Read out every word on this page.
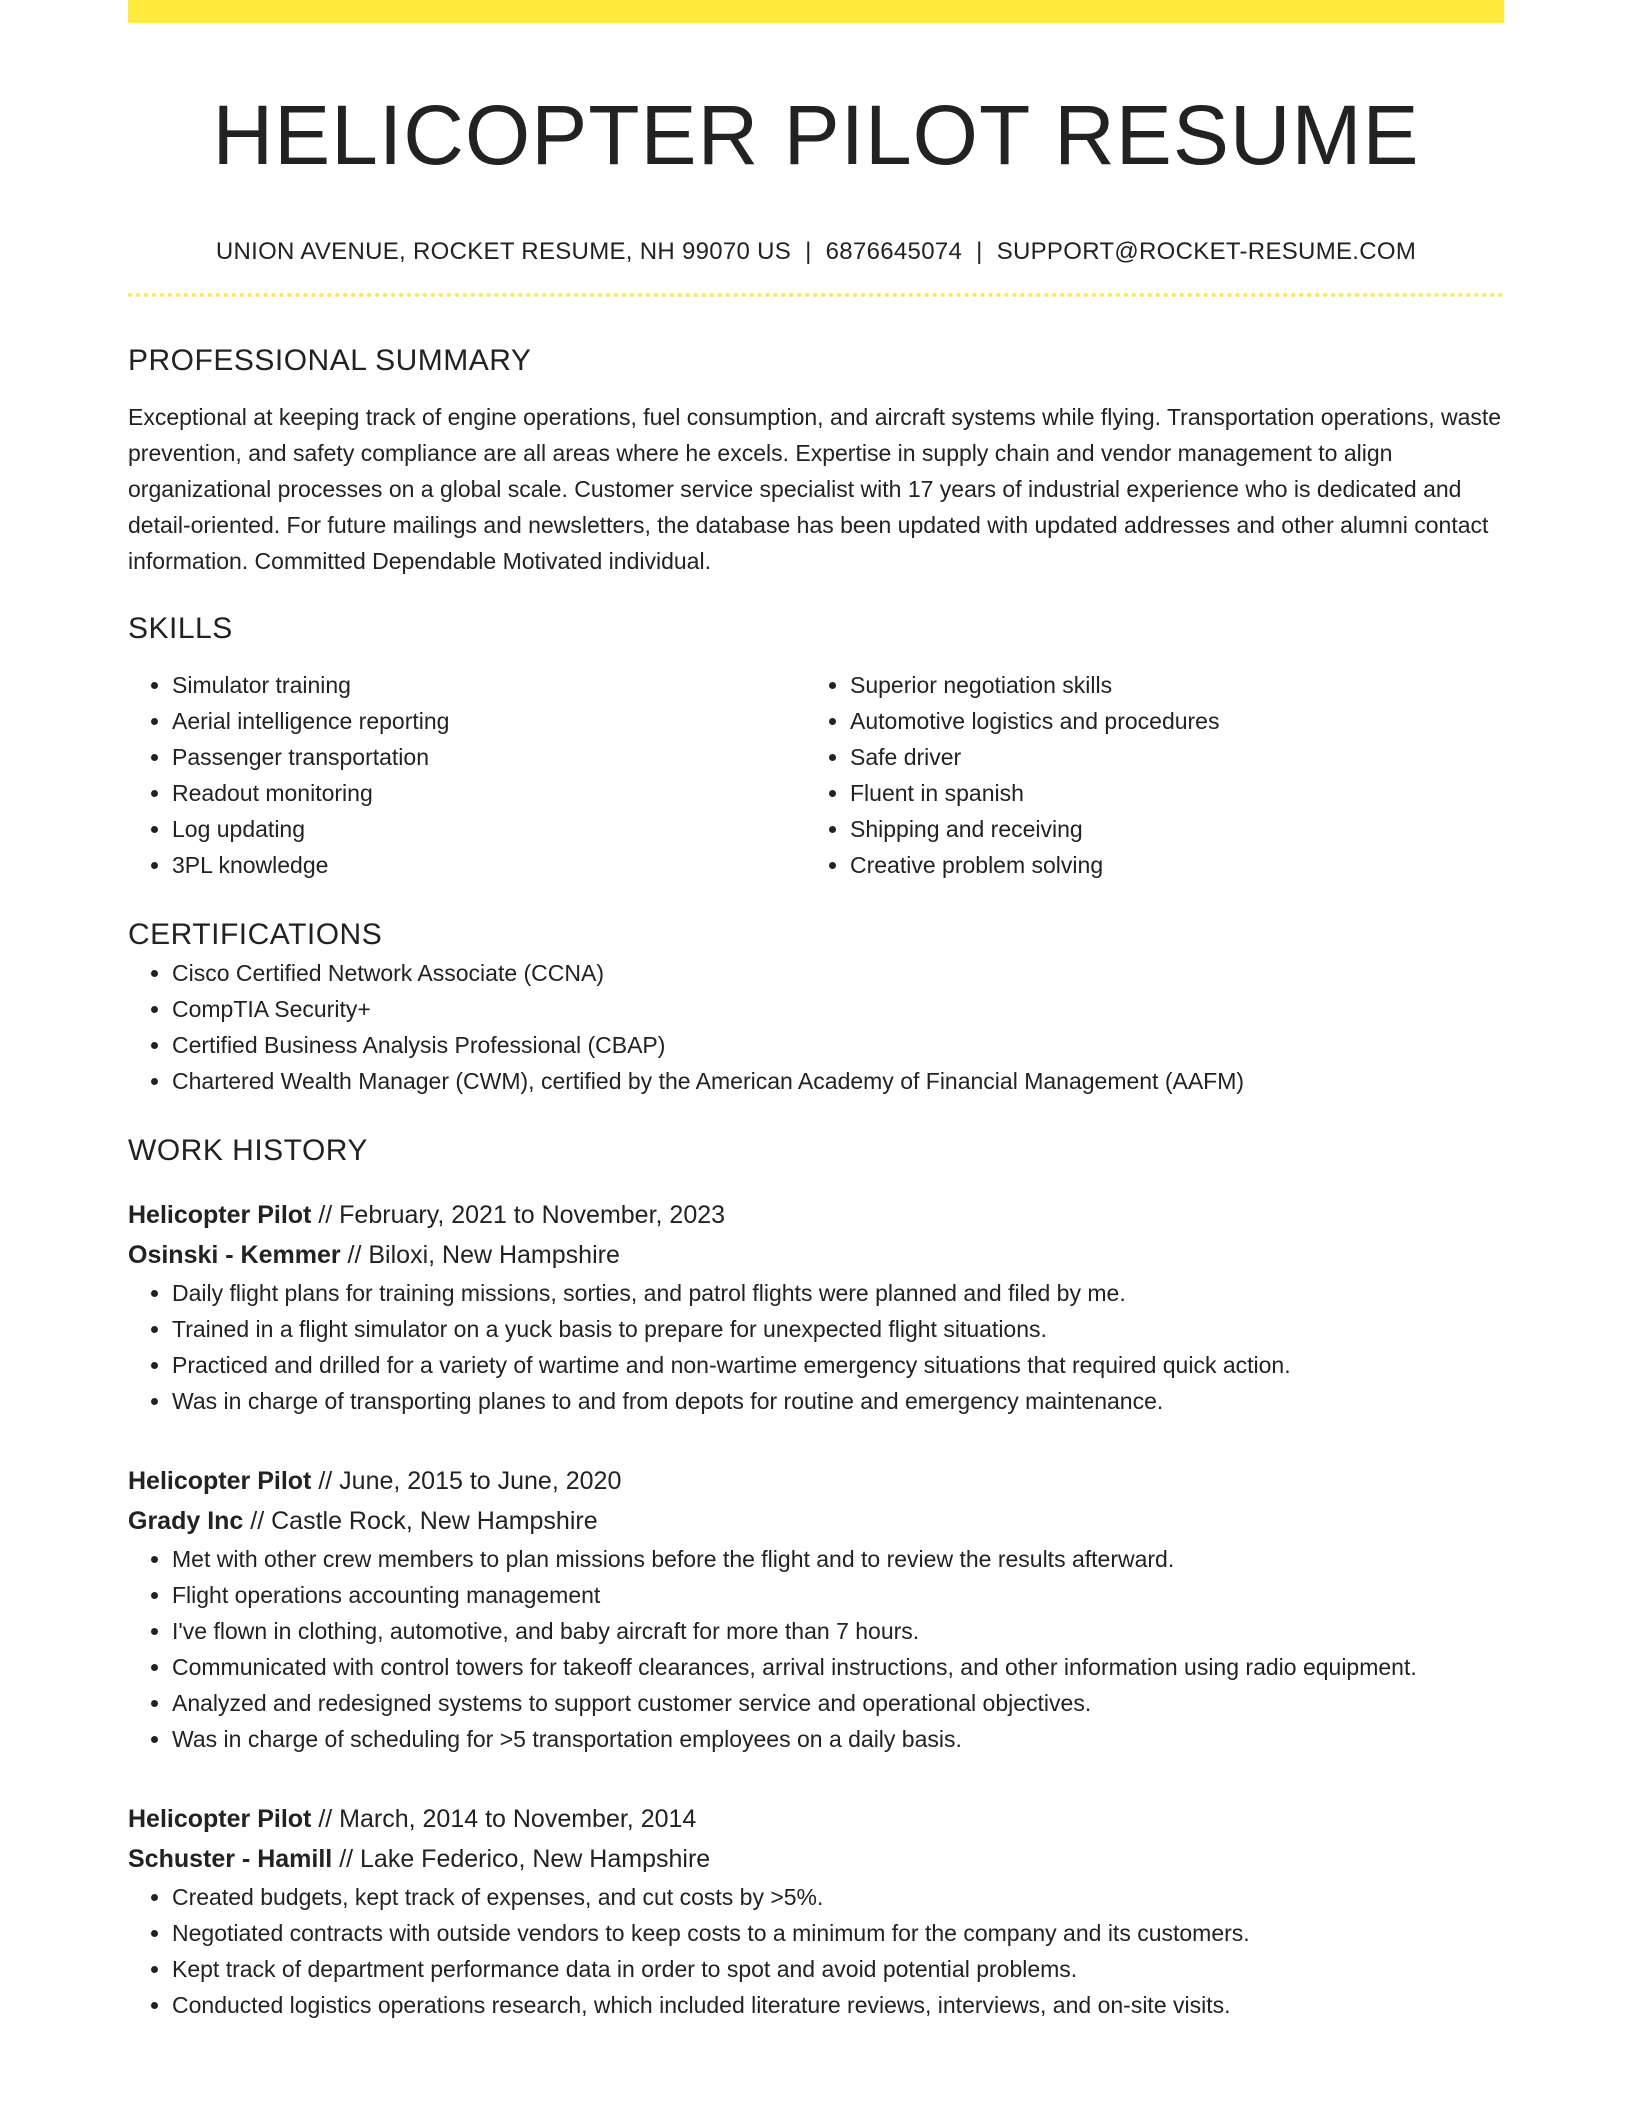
HELICOPTER PILOT RESUME
UNION AVENUE, ROCKET RESUME, NH 99070 US | 6876645074 | SUPPORT@ROCKET-RESUME.COM
PROFESSIONAL SUMMARY
Exceptional at keeping track of engine operations, fuel consumption, and aircraft systems while flying. Transportation operations, waste prevention, and safety compliance are all areas where he excels. Expertise in supply chain and vendor management to align organizational processes on a global scale. Customer service specialist with 17 years of industrial experience who is dedicated and detail-oriented. For future mailings and newsletters, the database has been updated with updated addresses and other alumni contact information. Committed Dependable Motivated individual.
SKILLS
• Simulator training
• Aerial intelligence reporting
• Passenger transportation
• Readout monitoring
• Log updating
• 3PL knowledge
• Superior negotiation skills
• Automotive logistics and procedures
• Safe driver
• Fluent in spanish
• Shipping and receiving
• Creative problem solving
CERTIFICATIONS
• Cisco Certified Network Associate (CCNA)
• CompTIA Security+
• Certified Business Analysis Professional (CBAP)
• Chartered Wealth Manager (CWM), certified by the American Academy of Financial Management (AAFM)
WORK HISTORY
Helicopter Pilot // February, 2021 to November, 2023
Osinski - Kemmer // Biloxi, New Hampshire
• Daily flight plans for training missions, sorties, and patrol flights were planned and filed by me.
• Trained in a flight simulator on a yuck basis to prepare for unexpected flight situations.
• Practiced and drilled for a variety of wartime and non-wartime emergency situations that required quick action.
• Was in charge of transporting planes to and from depots for routine and emergency maintenance.
Helicopter Pilot // June, 2015 to June, 2020
Grady Inc // Castle Rock, New Hampshire
• Met with other crew members to plan missions before the flight and to review the results afterward.
• Flight operations accounting management
• I've flown in clothing, automotive, and baby aircraft for more than 7 hours.
• Communicated with control towers for takeoff clearances, arrival instructions, and other information using radio equipment.
• Analyzed and redesigned systems to support customer service and operational objectives.
• Was in charge of scheduling for >5 transportation employees on a daily basis.
Helicopter Pilot // March, 2014 to November, 2014
Schuster - Hamill // Lake Federico, New Hampshire
• Created budgets, kept track of expenses, and cut costs by >5%.
• Negotiated contracts with outside vendors to keep costs to a minimum for the company and its customers.
• Kept track of department performance data in order to spot and avoid potential problems.
• Conducted logistics operations research, which included literature reviews, interviews, and on-site visits.
